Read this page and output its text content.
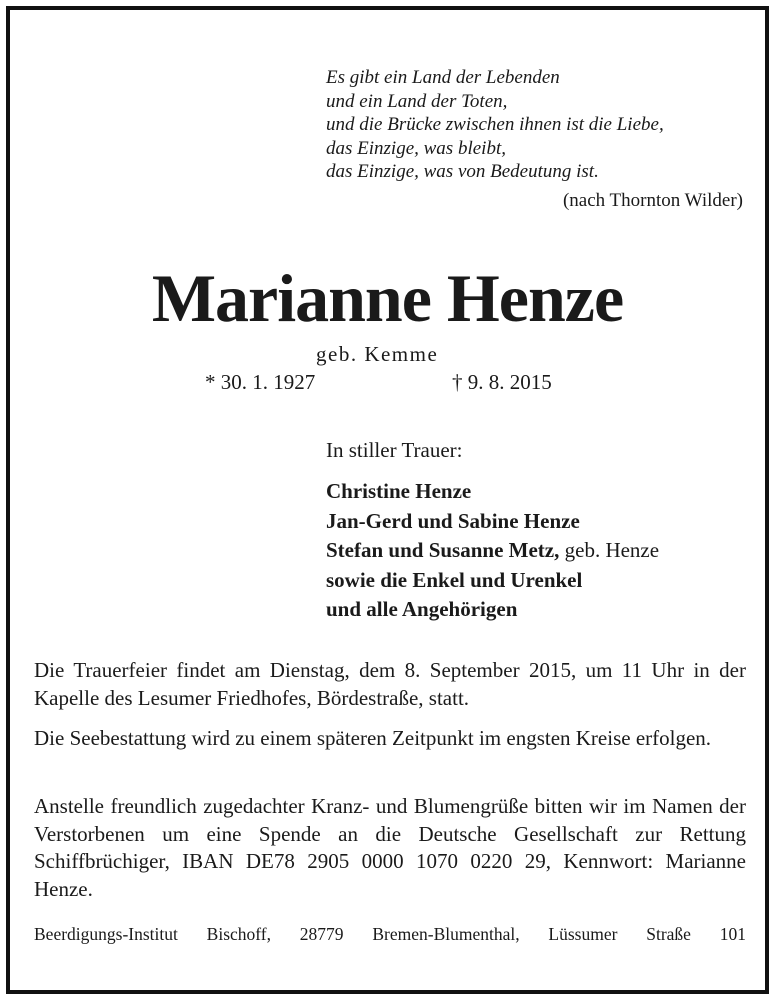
Es gibt ein Land der Lebenden
und ein Land der Toten,
und die Brücke zwischen ihnen ist die Liebe,
das Einzige, was bleibt,
das Einzige, was von Bedeutung ist.
(nach Thornton Wilder)
Marianne Henze
geb. Kemme
* 30. 1. 1927	† 9. 8. 2015
In stiller Trauer:
Christine Henze
Jan-Gerd und Sabine Henze
Stefan und Susanne Metz, geb. Henze
sowie die Enkel und Urenkel
und alle Angehörigen
Die Trauerfeier findet am Dienstag, dem 8. September 2015, um 11 Uhr in der Kapelle des Lesumer Friedhofes, Bördestraße, statt.
Die Seebestattung wird zu einem späteren Zeitpunkt im engsten Kreise erfolgen.
Anstelle freundlich zugedachter Kranz- und Blumengrüße bitten wir im Namen der Verstorbenen um eine Spende an die Deutsche Gesellschaft zur Rettung Schiffbrüchiger, IBAN DE78 2905 0000 1070 0220 29, Kennwort: Marianne Henze.
Beerdigungs-Institut Bischoff, 28779 Bremen-Blumenthal, Lüssumer Straße 101
